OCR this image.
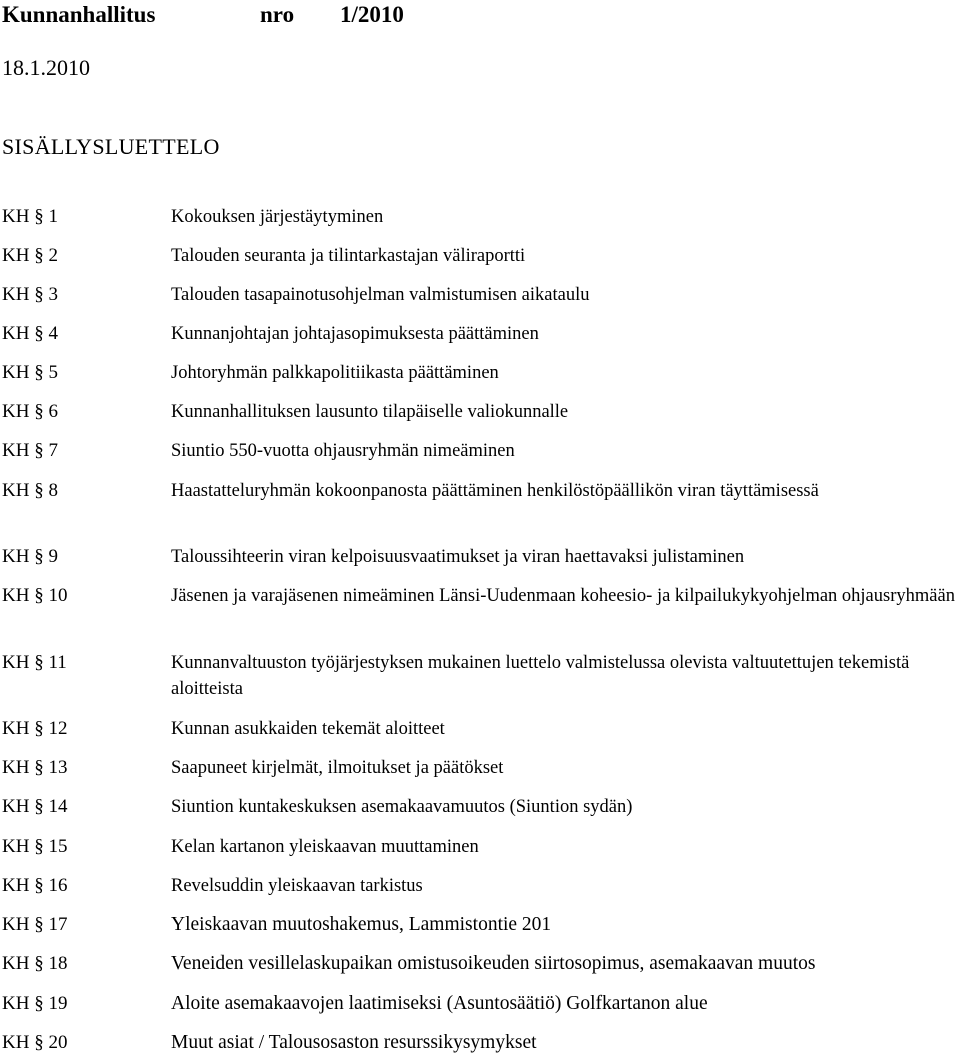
Kunnanhallitus	nro 1/2010
18.1.2010
SISÄLLYSLUETTELO
KH § 1	Kokouksen järjestäytyminen
KH § 2	Talouden seuranta ja tilintarkastajan väliraportti
KH § 3	Talouden tasapainotusohjelman valmistumisen aikataulu
KH § 4	Kunnanjohtajan johtajasopimuksesta päättäminen
KH § 5	Johtoryhmän palkkapolitiikasta päättäminen
KH § 6	Kunnanhallituksen lausunto tilapäiselle valiokunnalle
KH § 7	Siuntio 550-vuotta ohjausryhmän nimeäminen
KH § 8	Haastatteluryhmän kokoonpanosta päättäminen henkilöstöpäällikön viran täyttämisessä
KH § 9	Taloussihteerin viran kelpoisuusvaatimukset ja viran haettavaksi julistaminen
KH § 10	Jäsenen ja varajäsenen nimeäminen Länsi-Uudenmaan koheesio- ja kilpailukykyohjelman ohjausryhmään
KH § 11	Kunnanvaltuuston työjärjestyksen mukainen luettelo valmistelussa olevista valtuutettujen tekemistä aloitteista
KH § 12	Kunnan asukkaiden tekemät aloitteet
KH § 13	Saapuneet kirjelmät, ilmoitukset ja päätökset
KH § 14	Siuntion kuntakeskuksen asemakaavamuutos (Siuntion sydän)
KH § 15	Kelan kartanon yleiskaavan muuttaminen
KH § 16	Revelsuddin yleiskaavan tarkistus
KH § 17	Yleiskaavan muutoshakemus, Lammistontie 201
KH § 18	Veneiden vesillelaskupaikan omistusoikeuden siirtosopimus, asemakaavan muutos
KH § 19	Aloite asemakaavojen laatimiseksi (Asuntosäätiö) Golfkartanon alue
KH § 20	Muut asiat / Talousosaston resurssikysymykset
